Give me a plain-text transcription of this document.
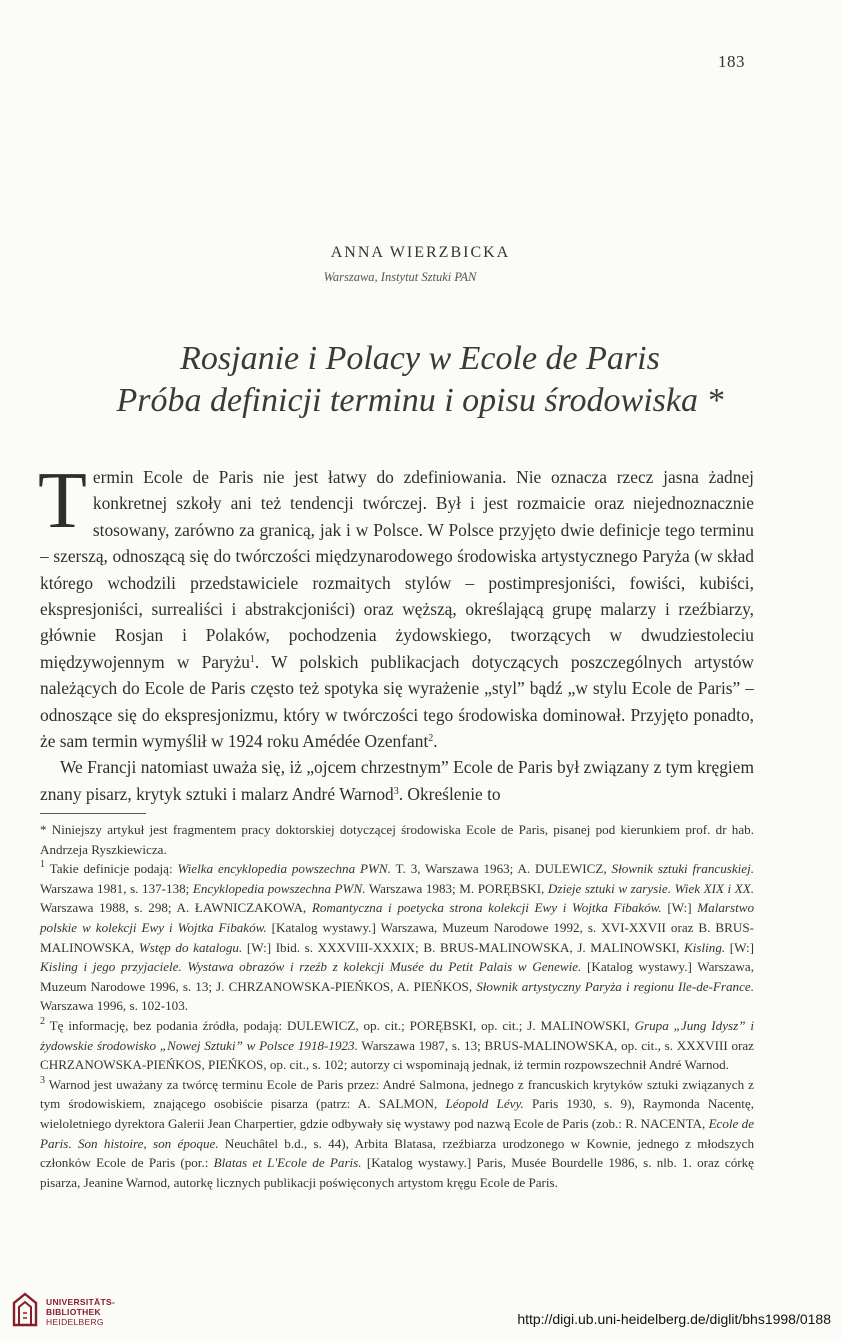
183
ANNA WIERZBICKA
Warszawa, Instytut Sztuki PAN
Rosjanie i Polacy w Ecole de Paris
Próba definicji terminu i opisu środowiska *

Termin Ecole de Paris nie jest łatwy do zdefiniowania. Nie oznacza rzecz jasna żadnej konkretnej szkoły ani też tendencji twórczej. Był i jest rozmaicie oraz niejednoznacznie stosowany, zarówno za granicą, jak i w Polsce. W Polsce przyjęto dwie definicje tego terminu – szerszą, odnoszącą się do twórczości międzynarodowego środowiska artystycznego Paryża (w skład którego wchodzili przedstawiciele rozmaitych stylów – postimpresjoniści, fowiści, kubiści, ekspresjoniści, surrealiści i abstrakcjoniści) oraz węższą, określającą grupę malarzy i rzeźbiarzy, głównie Rosjan i Polaków, pochodzenia żydowskiego, tworzących w dwudziestoleciu międzywojennym w Paryżu$^1$. W polskich publikacjach dotyczących poszczególnych artystów należących do Ecole de Paris często też spotyka się wyrażenie „styl” bądź „w stylu Ecole de Paris” – odnoszące się do ekspresjonizmu, który w twórczości tego środowiska dominował. Przyjęto ponadto, że sam termin wymyślił w 1924 roku Amédée Ozenfant$^2$.

We Francji natomiast uważa się, iż „ojcem chrzestnym” Ecole de Paris był związany z tym kręgiem znany pisarz, krytyk sztuki i malarz André Warnod$^3$. Określenie to

* Niniejszy artykuł jest fragmentem pracy doktorskiej dotyczącej środowiska Ecole de Paris, pisanej pod kierunkiem prof. dr hab. Andrzeja Ryszkiewicza.

$^1$ Takie definicje podają: Wielka encyklopedia powszechna PWN. T. 3, Warszawa 1963; A. DULEWICZ, Słownik sztuki francuskiej. Warszawa 1981, s. 137-138; Encyklopedia powszechna PWN. Warszawa 1983; M. PORĘBSKI, Dzieje sztuki w zarysie. Wiek XIX i XX. Warszawa 1988, s. 298; A. ŁAWNICZAKOWA, Romantyczna i poetycka strona kolekcji Ewy i Wojtka Fibaków. [W:] Malarstwo polskie w kolekcji Ewy i Wojtka Fibaków. [Katalog wystawy.] Warszawa, Muzeum Narodowe 1992, s. XVI-XXVII oraz B. BRUS-MALINOWSKA, Wstęp do katalogu. [W:] Ibid. s. XXXVIII-XXXIX; B. BRUS-MALINOWSKA, J. MALINOWSKI, Kisling. [W:] Kisling i jego przyjaciele. Wystawa obrazów i rzeźb z kolekcji Musée du Petit Palais w Genewie. [Katalog wystawy.] Warszawa, Muzeum Narodowe 1996, s. 13; J. CHRZANOWSKA-PIEŃKOS, A. PIEŃKOS, Słownik artystyczny Paryża i regionu Ile-de-France. Warszawa 1996, s. 102-103.

$^2$ Tę informację, bez podania źródła, podają: DULEWICZ, op. cit.; PORĘBSKI, op. cit.; J. MALINOWSKI, Grupa „Jung Idysz” i żydowskie środowisko „Nowej Sztuki” w Polsce 1918-1923. Warszawa 1987, s. 13; BRUS-MALINOWSKA, op. cit., s. XXXVIII oraz CHRZANOWSKA-PIEŃKOS, PIEŃKOS, op. cit., s. 102; autorzy ci wspominają jednak, iż termin rozpowszechnił André Warnod.

$^3$ Warnod jest uważany za twórcę terminu Ecole de Paris przez: André Salmona, jednego z francuskich krytyków sztuki związanych z tym środowiskiem, znającego osobiście pisarza (patrz: A. SALMON, Léopold Lévy. Paris 1930, s. 9), Raymonda Nacentę, wieloletniego dyrektora Galerii Jean Charpertier, gdzie odbywały się wystawy pod nazwą Ecole de Paris (zob.: R. NACENTA, Ecole de Paris. Son histoire, son époque. Neuchâtel b.d., s. 44), Arbita Blatasa, rzeźbiarza urodzonego w Kownie, jednego z młodszych członków Ecole de Paris (por.: Blatas et L'Ecole de Paris. [Katalog wystawy.] Paris, Musée Bourdelle 1986, s. nlb. 1. oraz córkę pisarza, Jeanine Warnod, autorkę licznych publikacji poświęconych artystom kręgu Ecole de Paris.

UNIVERSITÄTS-
BIBLIOTHEK
HEIDELBERG	http://digi.ub.uni-heidelberg.de/diglit/bhs1998/0188
